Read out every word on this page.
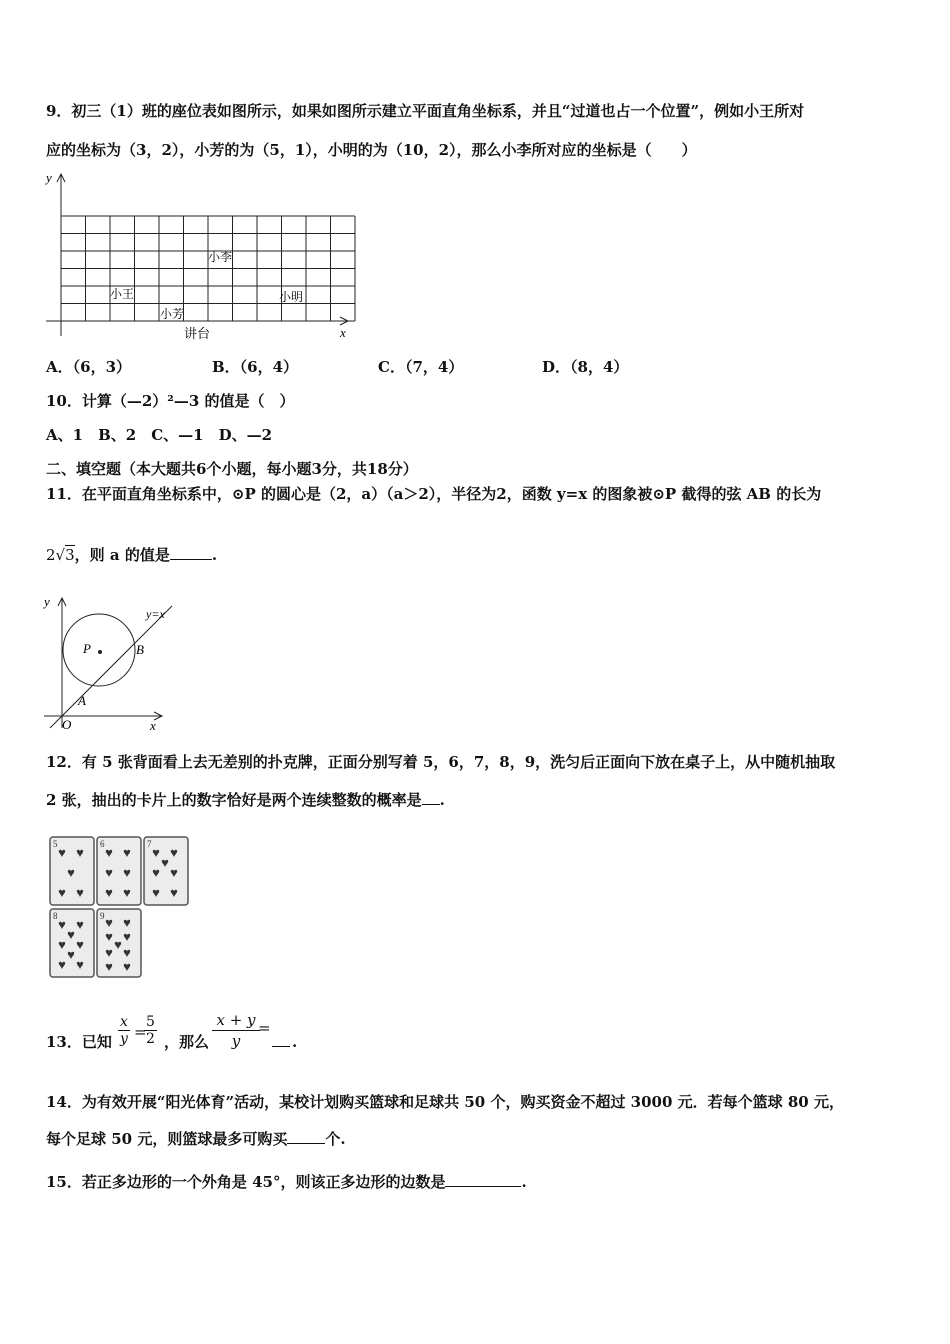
9．初三（1）班的座位表如图所示，如果如图所示建立平面直角坐标系，并且“过道也占一个位置”，例如小王所对
应的坐标为（3，2），小芳的为（5，1），小明的为（10，2），那么小李所对应的坐标是（　　）
y
x
小王
小芳
小李
小明
讲台
A．（6，3）	B．（6，4）	C．（7，4）	D．（8，4）
10．计算（—2）²—3 的值是（　）
A、1　B、2　C、—1　D、—2
二、填空题（本大题共6个小题，每小题3分，共18分）
11．在平面直角坐标系中，⊙P 的圆心是（2，a）（a＞2），半径为2，函数 y=x 的图象被⊙P 截得的弦 AB 的长为
2√3，则 a 的值是	.
y
x
O
P
A
B
y=x
12．有 5 张背面看上去无差别的扑克牌，正面分别写着 5，6，7，8，9，洗匀后正面向下放在桌子上，从中随机抽取
2 张，抽出的卡片上的数字恰好是两个连续整数的概率是 .
5
♥ ♥
♥
♥ ♥
6
♥ ♥
♥ ♥
♥ ♥
7
♥ ♥
♥
♥ ♥
♥ ♥
8
♥ ♥
♥
♥ ♥
♥
♥ ♥
9 ♥ ♥
♥ ♥
♥
♥ ♥
♥ ♥
13．已知 $\frac{x}{y}$ =
$\frac{5}{2}$ ，那么
x + y
y
=
.
14．为有效开展“阳光体育”活动，某校计划购买篮球和足球共 50 个，购买资金不超过 3000 元．若每个篮球 80 元，
每个足球 50 元，则篮球最多可购买	个.
15．若正多边形的一个外角是 45°，则该正多边形的边数是	.
